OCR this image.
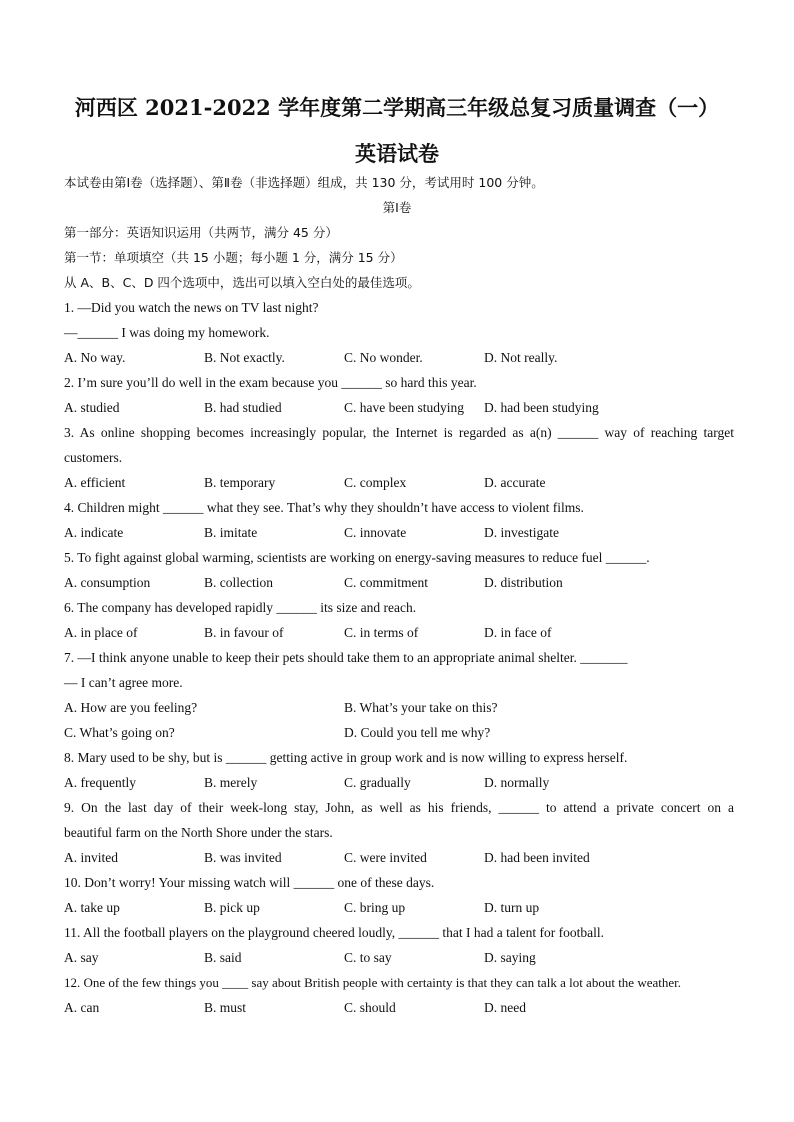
河西区 2021-2022 学年度第二学期高三年级总复习质量调查（一）
英语试卷
本试卷由第Ⅰ卷（选择题）、第Ⅱ卷（非选择题）组成，共 130 分，考试用时 100 分钟。
第Ⅰ卷
第一部分：英语知识运用（共两节，满分 45 分）
第一节：单项填空（共 15 小题；每小题 1 分，满分 15 分）
从 A、B、C、D 四个选项中，选出可以填入空白处的最佳选项。
1. —Did you watch the news on TV last night?
—______ I was doing my homework.
A. No way.	B. Not exactly.	C. No wonder.	D. Not really.
2. I’m sure you’ll do well in the exam because you ______ so hard this year.
A. studied	B. had studied	C. have been studying D. had been studying
3. As online shopping becomes increasingly popular, the Internet is regarded as a(n) ______ way of reaching target
customers.
A. efficient	B. temporary	C. complex	D. accurate
4. Children might ______ what they see. That’s why they shouldn’t have access to violent films.
A. indicate	B. imitate	C. innovate	D. investigate
5. To fight against global warming, scientists are working on energy-saving measures to reduce fuel ______.
A. consumption	B. collection	C. commitment	D. distribution
6. The company has developed rapidly ______ its size and reach.
A. in place of	B. in favour of	C. in terms of	D. in face of
7. —I think anyone unable to keep their pets should take them to an appropriate animal shelter. _______
— I can’t agree more.
A. How are you feeling?	B. What’s your take on this?
C. What’s going on?	D. Could you tell me why?
8. Mary used to be shy, but is ______ getting active in group work and is now willing to express herself.
A. frequently	B. merely	C. gradually	D. normally
9. On the last day of their week-long stay, John, as well as his friends, ______ to attend a private concert on a
beautiful farm on the North Shore under the stars.
A. invited	B. was invited	C. were invited	D. had been invited
10. Don’t worry! Your missing watch will ______ one of these days.
A. take up	B. pick up	C. bring up	D. turn up
11. All the football players on the playground cheered loudly, ______ that I had a talent for football.
A. say	B. said	C. to say	D. saying
12. One of the few things you ____ say about British people with certainty is that they can talk a lot about the weather.
A. can	B. must	C. should	D. need
